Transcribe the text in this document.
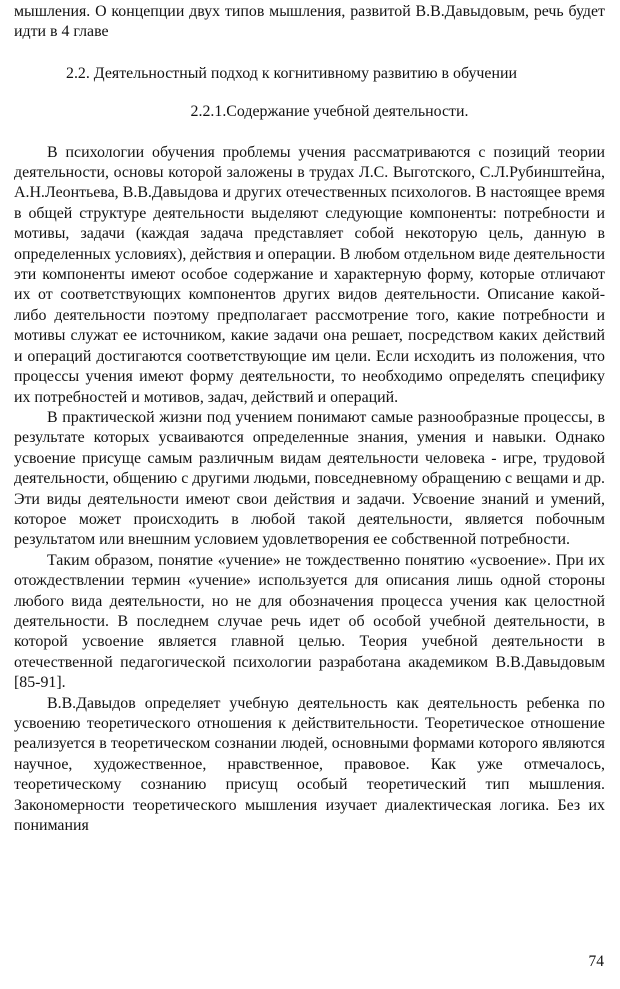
мышления. О концепции двух типов мышления, развитой В.В.Давыдовым, речь будет идти в 4 главе

2.2. Деятельностный подход к когнитивному развитию в обучении

2.2.1.Содержание учебной деятельности.

В психологии обучения проблемы учения рассматриваются с позиций теории деятельности, основы которой заложены в трудах Л.С. Выготского, С.Л.Рубинштейна, А.Н.Леонтьева, В.В.Давыдова и других отечественных психологов. В настоящее время в общей структуре деятельности выделяют следующие компоненты: потребности и мотивы, задачи (каждая задача представляет собой некоторую цель, данную в определенных условиях), действия и операции. В любом отдельном виде деятельности эти компоненты имеют особое содержание и характерную форму, которые отличают их от соответствующих компонентов других видов деятельности. Описание какой-либо деятельности поэтому предполагает рассмотрение того, какие потребности и мотивы служат ее источником, какие задачи она решает, посредством каких действий и операций достигаются соответствующие им цели. Если исходить из положения, что процессы учения имеют форму деятельности, то необходимо определять специфику их потребностей и мотивов, задач, действий и операций.

В практической жизни под учением понимают самые разнообразные процессы, в результате которых усваиваются определенные знания, умения и навыки. Однако усвоение присуще самым различным видам деятельности человека - игре, трудовой деятельности, общению с другими людьми, повседневному обращению с вещами и др. Эти виды деятельности имеют свои действия и задачи. Усвоение знаний и умений, которое может происходить в любой такой деятельности, является побочным результатом или внешним условием удовлетворения ее собственной потребности.

Таким образом, понятие «учение» не тождественно понятию «усвоение». При их отождествлении термин «учение» используется для описания лишь одной стороны любого вида деятельности, но не для обозначения процесса учения как целостной деятельности. В последнем случае речь идет об особой учебной деятельности, в которой усвоение является главной целью. Теория учебной деятельности в отечественной педагогической психологии разработана академиком В.В.Давыдовым [85-91].

В.В.Давыдов определяет учебную деятельность как деятельность ребенка по усвоению теоретического отношения к действительности. Теоретическое отношение реализуется в теоретическом сознании людей, основными формами которого являются научное, художественное, нравственное, правовое. Как уже отмечалось, теоретическому сознанию присущ особый теоретический тип мышления. Закономерности теоретического мышления изучает диалектическая логика. Без их понимания

74
